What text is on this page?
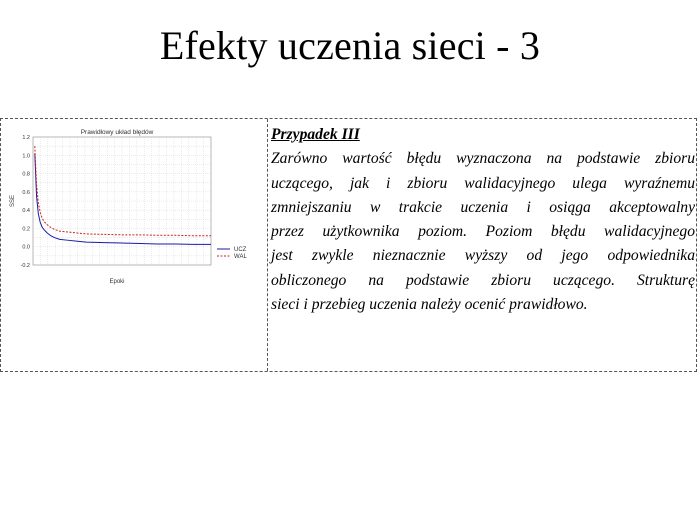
Efekty uczenia sieci - 3
Prawidłowy układ błędów
1.2
1.0
0.8
0.6
0.4
0.2
0.0
-0.2
SSE
Epoki
UCZ
WAL
Przypadek III
Zarówno wartość błędu wyznaczona na podstawie zbioru
uczącego, jak i zbioru walidacyjnego ulega wyraźnemu
zmniejszaniu w trakcie uczenia i osiąga akceptowalny
przez użytkownika poziom. Poziom błędu walidacyjnego
jest zwykle nieznacznie wyższy od jego odpowiednika
obliczonego na podstawie zbioru uczącego. Strukturę
sieci i przebieg uczenia należy ocenić prawidłowo.
